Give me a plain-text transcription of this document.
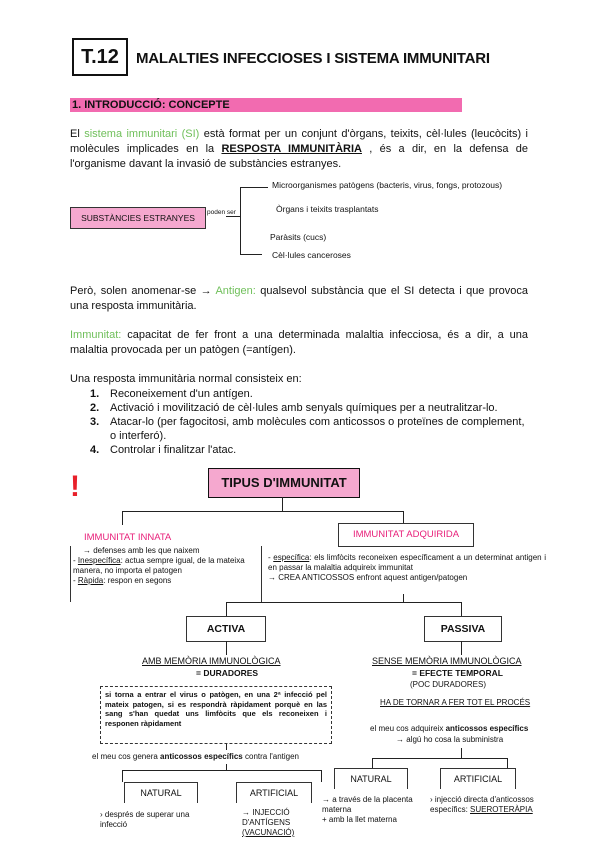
T.12	MALALTIES INFECCIOSES I SISTEMA IMMUNITARI
1. INTRODUCCIÓ: CONCEPTE

El sistema immunitari (SI) està format per un conjunt d'òrgans, teixits, cèl·lules (leucòcits) i molècules implicades en la RESPOSTA IMMUNITÀRIA , és a dir, en la defensa de l'organisme davant la invasió de substàncies estranyes.

SUBSTÀNCIES ESTRANYES
poden ser
Microorganismes patògens (bacteris, virus, fongs, protozous)
Òrgans i teixits trasplantats
Paràsits (cucs)
Cèl·lules canceroses

Però, solen anomenar-se → Antigen: qualsevol substància que el SI detecta i que provoca una resposta immunitària.

Immunitat: capacitat de fer front a una determinada malaltia infecciosa, és a dir, a una malaltia provocada per un patògen (=antígen).

Una resposta immunitària normal consisteix en:
1. Reconeixement d'un antígen.
2. Activació i movilització de cèl·lules amb senyals químiques per a neutralitzar-lo.
3. Atacar-lo (per fagocitosi, amb molècules com anticossos o proteïnes de complement, o interferó).
4. Controlar i finalitzar l'atac.
!	TIPUS D'IMMUNITAT
IMMUNITAT INNATA
→ defenses amb les que naixem
- Inespecífica: actua sempre igual, de la mateixa manera, no importa el patogen
- Ràpida: respon en segons
IMMUNITAT ADQUIRIDA
- específica: els limfòcits reconeixen específicament a un determinat antigen i en passar la malaltia adquireix immunitat
→ CREA ANTICOSSOS enfront aquest antigen/patogen
ACTIVA
AMB MEMÒRIA IMMUNOLÒGICA
= DURADORES
si torna a entrar el virus o patògen, en una 2ª infecció pel mateix patogen, si es respondrà ràpidament porquè en las sang s'han quedat uns limfòcits que els reconeixen i responen ràpidament
el meu cos genera anticossos específics contra l'antigen
NATURAL
› després de superar una infecció
ARTIFICIAL
→ INJECCIÓ D'ANTÍGENS
(VACUNACIÓ)
PASSIVA
SENSE MEMÒRIA IMMUNOLÒGICA
= EFECTE TEMPORAL
(POC DURADORES)
HA DE TORNAR A FER TOT EL PROCÉS
el meu cos adquireix anticossos específics
→ algú ho cosa la subministra
NATURAL
→ a través de la placenta materna
+ amb la llet materna
ARTIFICIAL
› injecció directa d'anticossos específics: SUEROTERÀPIA
